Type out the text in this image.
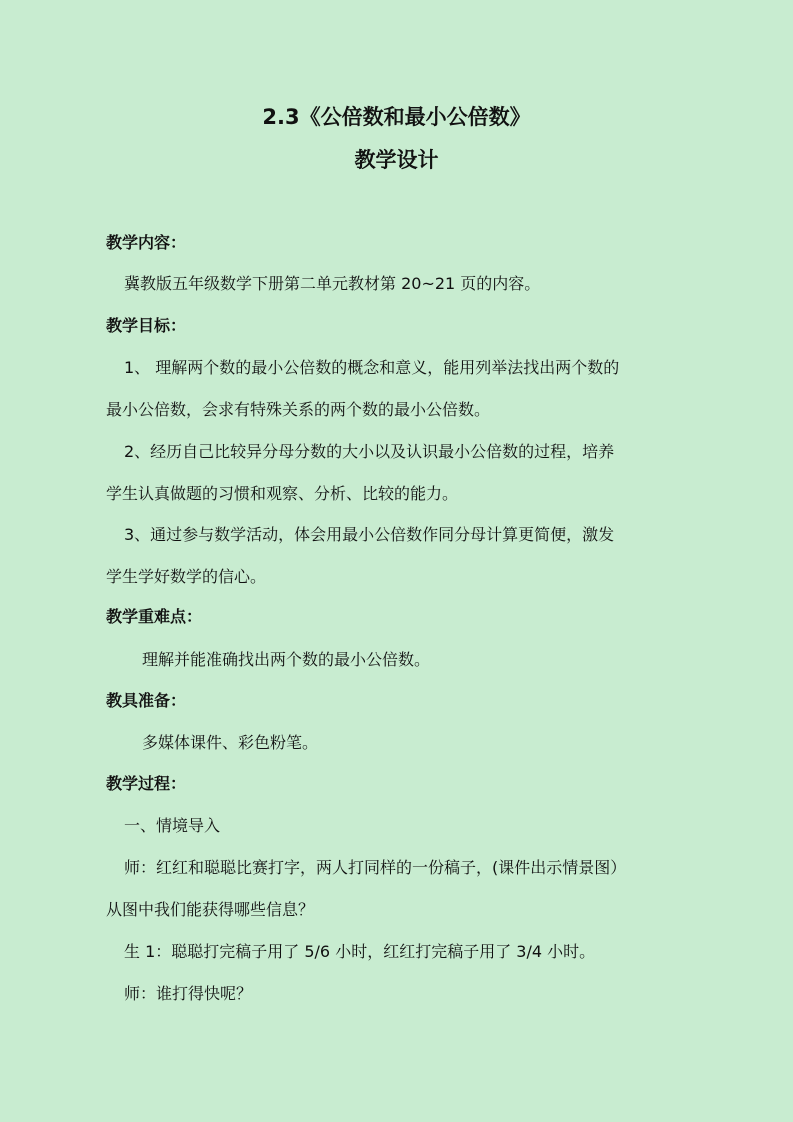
2.3《公倍数和最小公倍数》
教学设计

教学内容：

冀教版五年级数学下册第二单元教材第 20~21 页的内容。

教学目标：

1、 理解两个数的最小公倍数的概念和意义，能用列举法找出两个数的

最小公倍数，会求有特殊关系的两个数的最小公倍数。

2、经历自己比较异分母分数的大小以及认识最小公倍数的过程，培养

学生认真做题的习惯和观察、分析、比较的能力。

3、通过参与数学活动，体会用最小公倍数作同分母计算更简便，激发

学生学好数学的信心。

教学重难点：

理解并能准确找出两个数的最小公倍数。

教具准备：

多媒体课件、彩色粉笔。

教学过程：

一、情境导入

师：红红和聪聪比赛打字，两人打同样的一份稿子，(课件出示情景图）

从图中我们能获得哪些信息？

生 1：聪聪打完稿子用了 5/6 小时，红红打完稿子用了 3/4 小时。

师：谁打得快呢？
